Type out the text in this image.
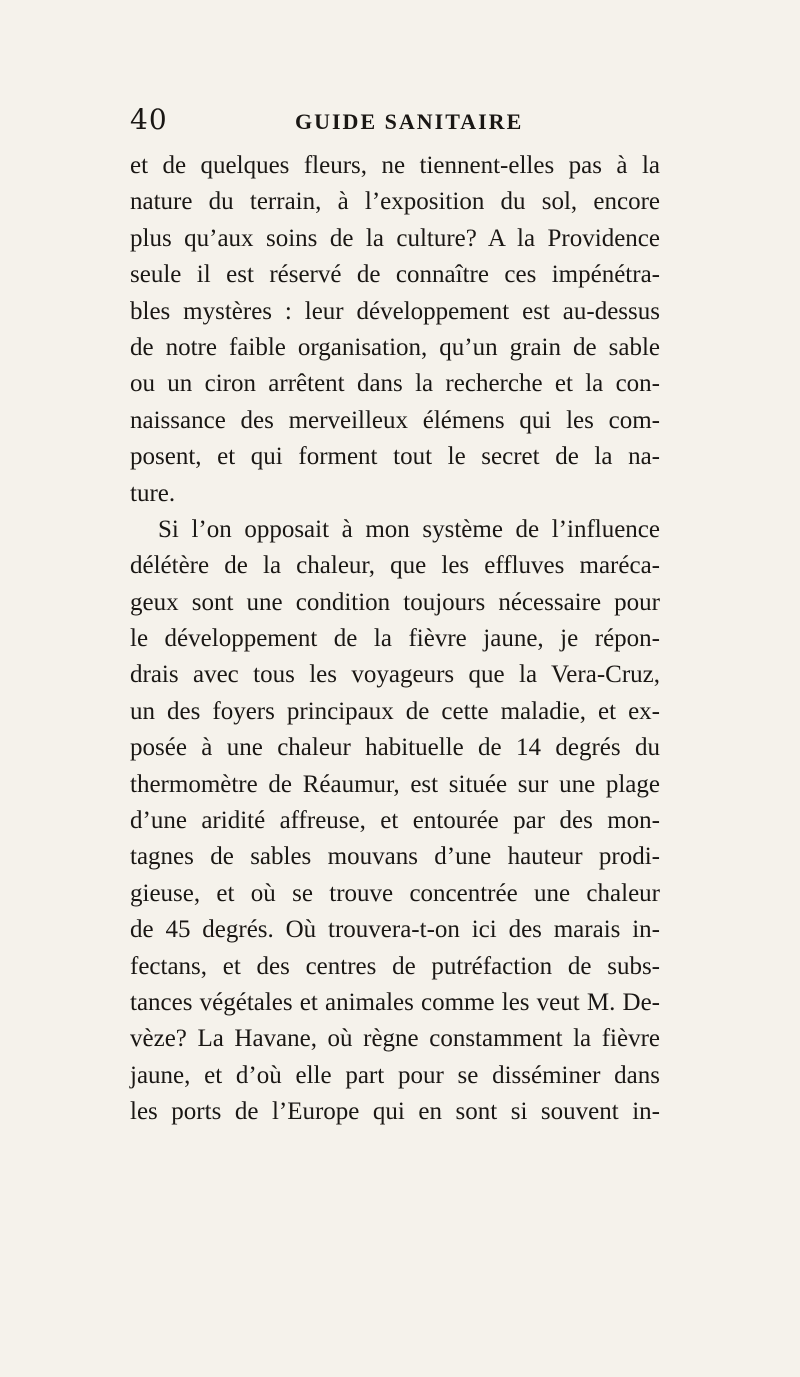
40	GUIDE SANITAIRE
et de quelques fleurs, ne tiennent-elles pas à la
nature du terrain, à l’exposition du sol, encore
plus qu’aux soins de la culture? A la Providence
seule il est réservé de connaître ces impénétra-
bles mystères : leur développement est au-dessus
de notre faible organisation, qu’un grain de sable
ou un ciron arrêtent dans la recherche et la con-
naissance des merveilleux élémens qui les com-
posent, et qui forment tout le secret de la na-
ture.
Si l’on opposait à mon système de l’influence
délétère de la chaleur, que les effluves maréca-
geux sont une condition toujours nécessaire pour
le développement de la fièvre jaune, je répon-
drais avec tous les voyageurs que la Vera-Cruz,
un des foyers principaux de cette maladie, et ex-
posée à une chaleur habituelle de 14 degrés du
thermomètre de Réaumur, est située sur une plage
d’une aridité affreuse, et entourée par des mon-
tagnes de sables mouvans d’une hauteur prodi-
gieuse, et où se trouve concentrée une chaleur
de 45 degrés. Où trouvera-t-on ici des marais in-
fectans, et des centres de putréfaction de subs-
tances végétales et animales comme les veut M. De-
vèze? La Havane, où règne constamment la fièvre
jaune, et d’où elle part pour se disséminer dans
les ports de l’Europe qui en sont si souvent in-
